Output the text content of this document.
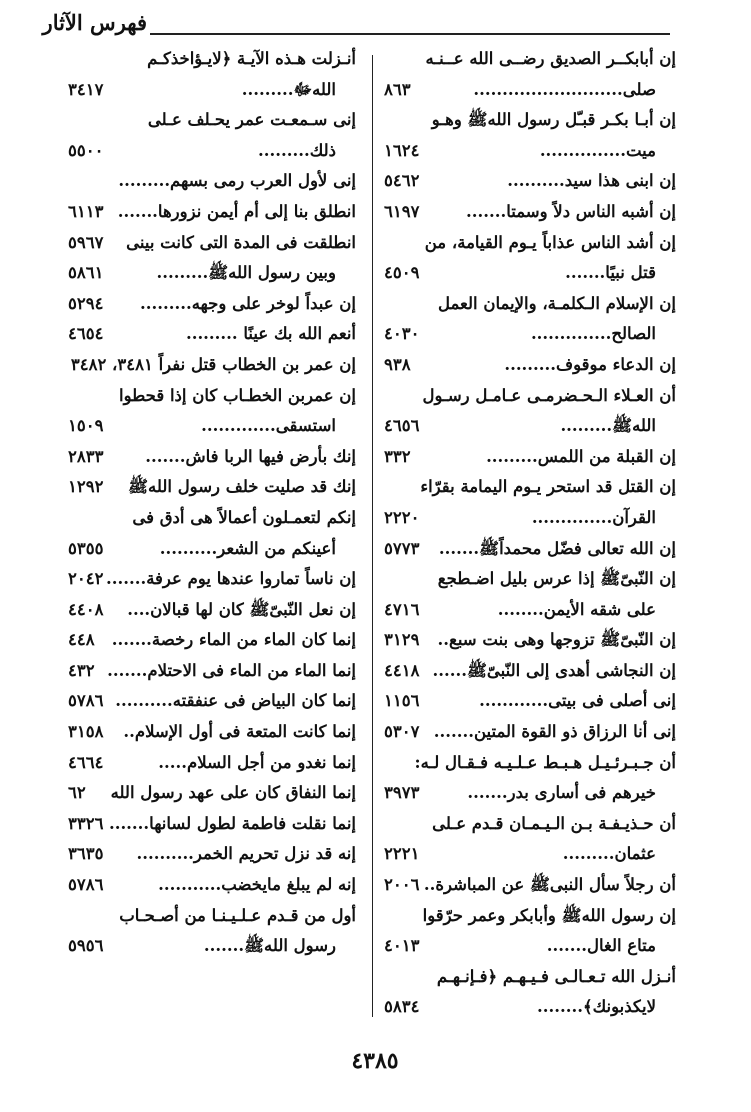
فهرس الآثار
إن أبابكــر الصديق رضــى الله عــنـه
صلى..........................
٨٦٣
إن أبـا بكـر قبـّل رسول اللهﷺ وهـو
ميت...............
١٦٢٤
إن ابنى هذا سيد..........
٥٤٦٢
إن أشبه الناس دلاً وسمتا.......
٦١٩٧
إن أشد الناس عذاباً يـوم القيامة، من
قتل نبيًا.......
٤٥٠٩
إن الإسلام الـكلمـة، والإيمان العمل
الصالح..............
٤٠٣٠
إن الدعاء موقوف.........
٩٣٨
أن العـلاء الـحـضرمـى عـامـل رسـول
اللهﷺ.........
٤٦٥٦
إن القبلة من اللمس.........
٣٣٢
إن القتل قد استحر يـوم اليمامة بقرّاء
القرآن..............
٢٢٢٠
إن الله تعالى فضّل محمداًﷺ.......
٥٧٧٣
إن النّبىّﷺ إذا عرس بليل اضـطجع
على شقه الأيمن........
٤٧١٦
إن النّبىّﷺ تزوجها وهى بنت سبع..
٣١٢٩
إن النجاشى أهدى إلى النّبىّﷺ......
٤٤١٨
إنى أصلى فى بيتى............
١١٥٦
إنى أنا الرزاق ذو القوة المتين.......
٥٣٠٧
أن جـبـرئـيـل هـبـط عـلـيـه فـقـال لـه:
خيرهم فى أسارى بدر.......
٣٩٧٣
أن حـذيـفـة بـن الـيـمـان قـدم عـلى
عثمان.........
٢٢٢١
أن رجلاً سأل النبىﷺ عن المباشرة..
٢٠٠٦
إن رسول اللهﷺ وأبابكر وعمر حرّقوا
متاع الغال.......
٤٠١٣
أنـزل الله تـعـالـى فـيـهـم ﴿فـإنـهـم
لايكذبونك﴾........
٥٨٣٤
أنـزلت هـذه الآيـة ﴿لايـؤاخذكـم
اللهﷻ.........
٣٤١٧
إنى سـمعـت عمر يحـلف عـلى
ذلك.........
٥٥٠٠
إنى لأول العرب رمى بسهم.........
انطلق بنا إلى أم أيمن نزورها.......
٦١١٣
انطلقت فى المدة التى كانت بينى
٥٩٦٧
وبين رسول اللهﷺ.........
٥٨٦١
إن عبداً لوخر على وجهه.........
٥٢٩٤
أنعم الله بك عينًا .........
٤٦٥٤
إن عمر بن الخطاب قتل نفراً ٣٤٨١، ٣٤٨٢
إن عمربن الخطـاب كان إذا قحطوا
استسقى.............
١٥٠٩
إنك بأرض فيها الربا فاش.......
٢٨٣٣
إنك قد صليت خلف رسول اللهﷺ
١٢٩٢
إنكم لتعمـلون أعمالاً هى أدق فى
أعينكم من الشعر..........
٥٣٥٥
إن ناساً تماروا عندها يوم عرفة.......
٢٠٤٢
إن نعل النّبىّﷺ كان لها قبالان....
٤٤٠٨
إنما كان الماء من الماء رخصة.......
٤٤٨
إنما الماء من الماء فى الاحتلام.......
٤٣٢
إنما كان البياض فى عنفقته..........
٥٧٨٦
إنما كانت المتعة فى أول الإسلام..
٣١٥٨
إنما نغدو من أجل السلام.....
٤٦٦٤
إنما النفاق كان على عهد رسول الله
٦٢
إنما نقلت فاطمة لطول لسانها.......
٣٣٢٦
إنه قد نزل تحريم الخمر..........
٣٦٣٥
إنه لم يبلغ مايخضب...........
٥٧٨٦
أول من قـدم عـلـيـنـا من أصـحـاب
رسول اللهﷺ.......
٥٩٥٦
٤٣٨٥
